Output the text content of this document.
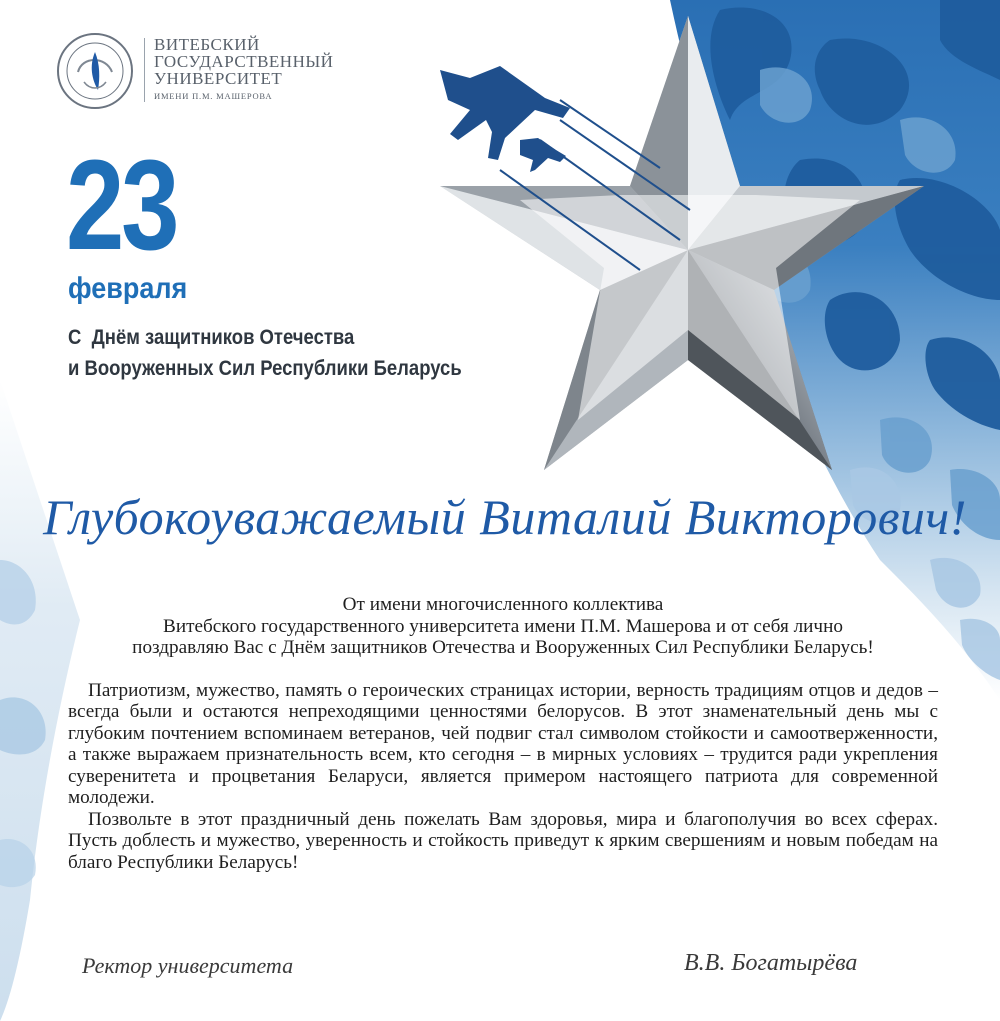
ВИТЕБСКИЙ
ГОСУДАРСТВЕННЫЙ
УНИВЕРСИТЕТ
ИМЕНИ П.М. МАШЕРОВА
23
февраля
С  Днём защитников Отечества
и Вооруженных Сил Республики Беларусь
Глубокоуважаемый Виталий Викторович!
От имени многочисленного коллектива
Витебского государственного университета имени П.М. Машерова и от себя лично
поздравляю Вас с Днём защитников Отечества и Вооруженных Сил Республики Беларусь!

Патриотизм, мужество, память о героических страницах истории, верность традициям отцов и дедов – всегда были и остаются непреходящими ценностями белорусов. В этот знаменательный день мы с глубоким почтением вспоминаем ветеранов, чей подвиг стал символом стойкости и самоотверженности, а также выражаем признательность всем, кто сегодня – в мирных условиях – трудится ради укрепления суверенитета и процветания Беларуси, является примером настоящего патриота для современной молодежи.

Позвольте в этот праздничный день пожелать Вам здоровья, мира и благополучия во всех сферах. Пусть доблесть и мужество, уверенность и стойкость приведут к ярким свершениям и новым победам на благо Республики Беларусь!

Ректор университета	В.В. Богатырёва
